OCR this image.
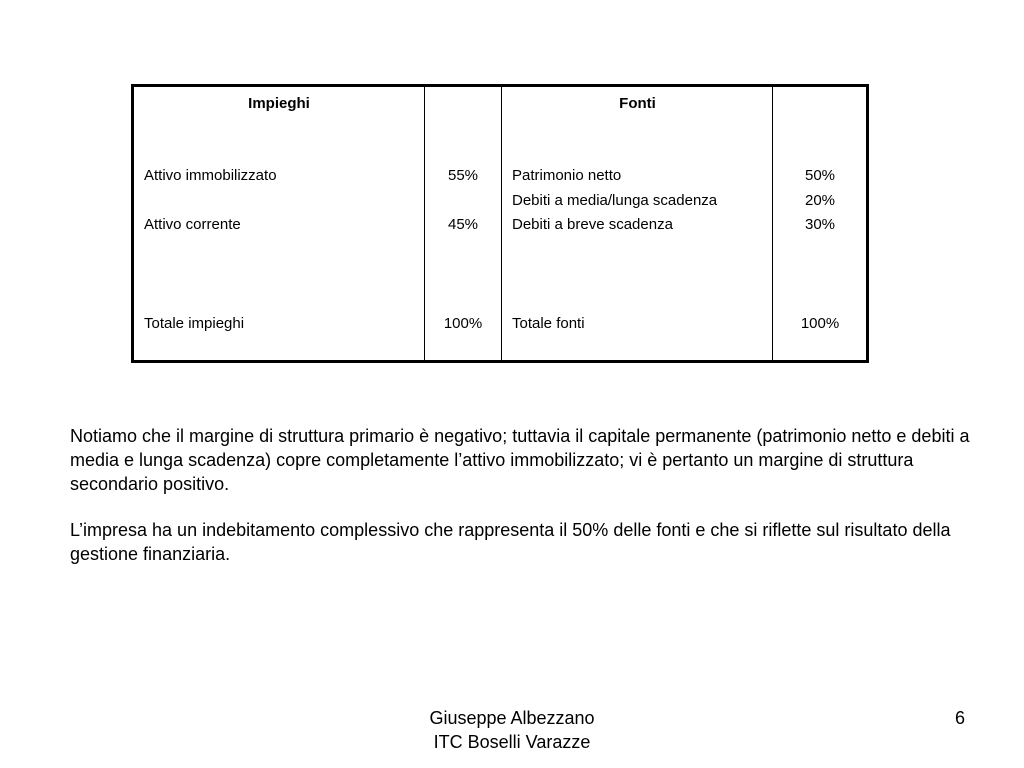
Impieghi
Attivo immobilizzato
Attivo corrente
Totale impieghi
55%
45%
100%
Fonti
Patrimonio netto
Debiti a media/lunga scadenza
Debiti a breve scadenza
Totale fonti
50%
20%
30%
100%
Notiamo che il margine di struttura primario è negativo; tuttavia il capitale permanente (patrimonio netto e debiti a media e lunga scadenza) copre completamente l’attivo immobilizzato; vi è pertanto un margine di struttura secondario positivo.
L’impresa ha un indebitamento complessivo che rappresenta il 50% delle fonti e che si riflette sul risultato della gestione finanziaria.
Giuseppe Albezzano
ITC Boselli Varazze
6
